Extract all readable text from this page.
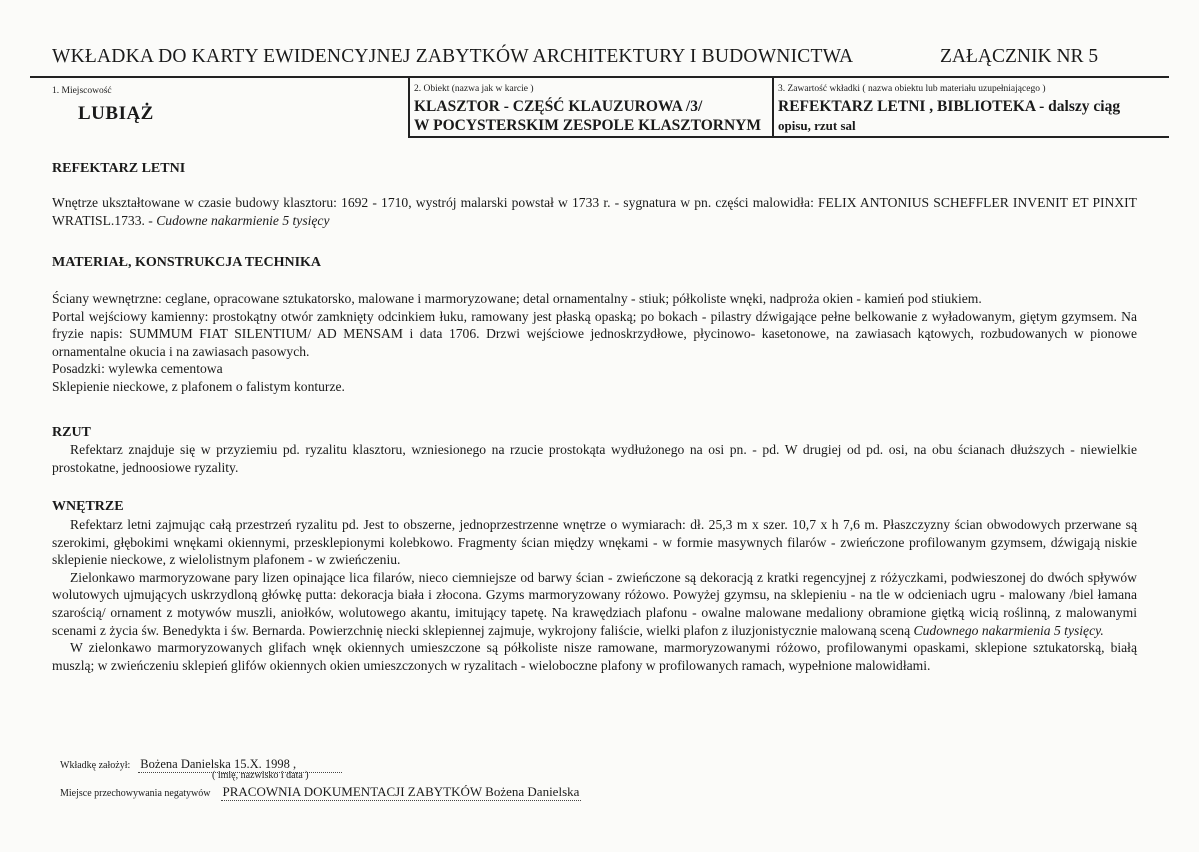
WKŁADKA DO KARTY EWIDENCYJNEJ ZABYTKÓW ARCHITEKTURY I BUDOWNICTWA	ZAŁĄCZNIK NR 5
1. Miejscowość
LUBIĄŻ
2. Obiekt (nazwa jak w karcie )
KLASZTOR - CZĘŚĆ KLAUZUROWA /3/
W POCYSTERSKIM ZESPOLE KLASZTORNYM
3. Zawartość wkładki ( nazwa obiektu lub materiału uzupełniającego )
REFEKTARZ LETNI , BIBLIOTEKA - dalszy ciąg
opisu, rzut sal
REFEKTARZ LETNI

Wnętrze ukształtowane w czasie budowy klasztoru: 1692 - 1710, wystrój malarski powstał w 1733 r. - sygnatura w pn. części malowidła: FELIX ANTONIUS SCHEFFLER INVENIT ET PINXIT WRATISL.1733. - Cudowne nakarmienie 5 tysięcy

MATERIAŁ, KONSTRUKCJA TECHNIKA

Ściany wewnętrzne: ceglane, opracowane sztukatorsko, malowane i marmoryzowane; detal ornamentalny - stiuk; półkoliste wnęki, nadproża okien - kamień pod stiukiem.

Portal wejściowy kamienny: prostokątny otwór zamknięty odcinkiem łuku, ramowany jest płaską opaską; po bokach - pilastry dźwigające pełne belkowanie z wyładowanym, giętym gzymsem. Na fryzie napis: SUMMUM FIAT SILENTIUM/ AD MENSAM i data 1706. Drzwi wejściowe jednoskrzydłowe, płycinowo- kasetonowe, na zawiasach kątowych, rozbudowanych w pionowe ornamentalne okucia i na zawiasach pasowych.

Posadzki: wylewka cementowa

Sklepienie nieckowe, z plafonem o falistym konturze.

RZUT

Refektarz znajduje się w przyziemiu pd. ryzalitu klasztoru, wzniesionego na rzucie prostokąta wydłużonego na osi pn. - pd. W drugiej od pd. osi, na obu ścianach dłuższych - niewielkie prostokatne, jednoosiowe ryzality.

WNĘTRZE

Refektarz letni zajmując całą przestrzeń ryzalitu pd. Jest to obszerne, jednoprzestrzenne wnętrze o wymiarach: dł. 25,3 m x szer. 10,7 x h 7,6 m. Płaszczyzny ścian obwodowych przerwane są szerokimi, głębokimi wnękami okiennymi, przesklepionymi kolebkowo. Fragmenty ścian między wnękami - w formie masywnych filarów - zwieńczone profilowanym gzymsem, dźwigają niskie sklepienie nieckowe, z wielolistnym plafonem - w zwieńczeniu.

Zielonkawo marmoryzowane pary lizen opinające lica filarów, nieco ciemniejsze od barwy ścian - zwieńczone są dekoracją z kratki regencyjnej z różyczkami, podwieszonej do dwóch spływów wolutowych ujmujących uskrzydloną główkę putta: dekoracja biała i złocona. Gzyms marmoryzowany różowo. Powyżej gzymsu, na sklepieniu - na tle w odcieniach ugru - malowany /biel łamana szarością/ ornament z motywów muszli, aniołków, wolutowego akantu, imitujący tapetę. Na krawędziach plafonu - owalne malowane medaliony obramione giętką wicią roślinną, z malowanymi scenami z życia św. Benedykta i św. Bernarda. Powierzchnię niecki sklepiennej zajmuje, wykrojony faliście, wielki plafon z iluzjonistycznie malowaną sceną Cudownego nakarmienia 5 tysięcy.

W zielonkawo marmoryzowanych glifach wnęk okiennych umieszczone są półkoliste nisze ramowane, marmoryzowanymi różowo, profilowanymi opaskami, sklepione sztukatorską, białą muszlą; w zwieńczeniu sklepień glifów okiennych okien umieszczonych w ryzalitach - wieloboczne plafony w profilowanych ramach, wypełnione malowidłami.

Wkładkę założył: Bożena Danielska 15.X. 1998 ,
( imię, nazwisko i data )
Miejsce przechowywania negatywów PRACOWNIA DOKUMENTACJI ZABYTKÓW Bożena Danielska
